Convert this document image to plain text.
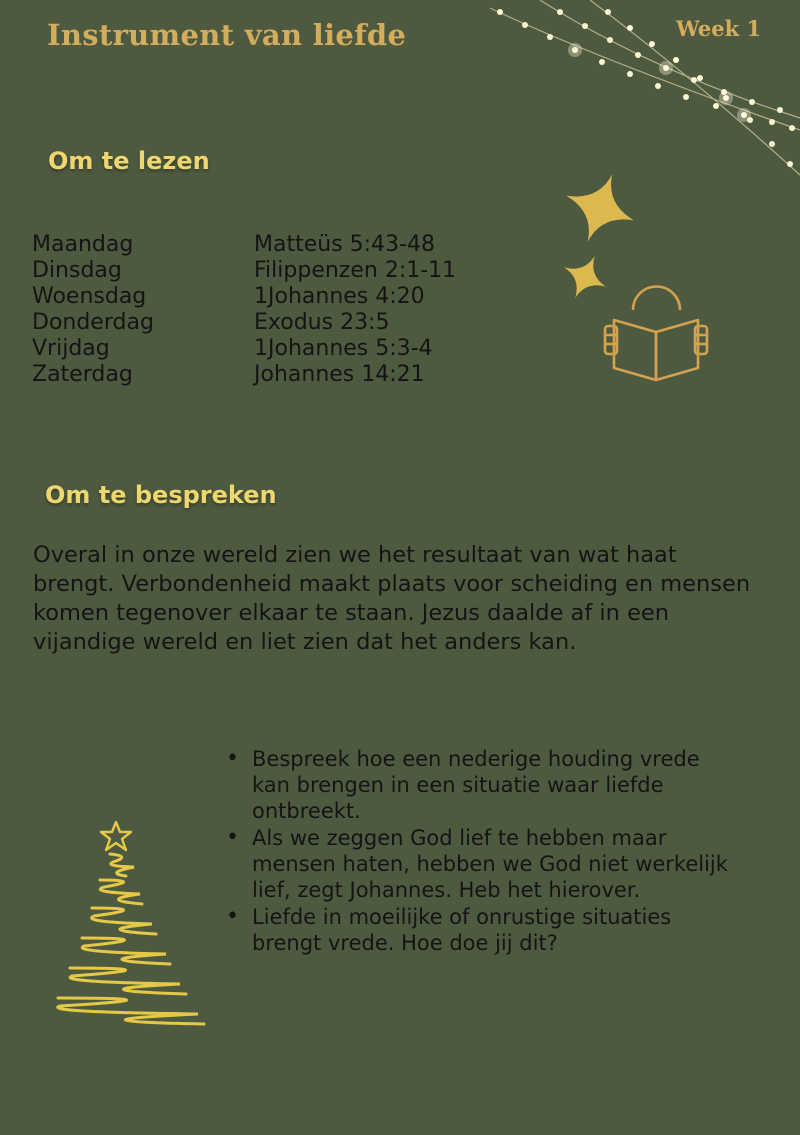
Instrument van liefde	Week 1
Om te lezen
Maandag	Matteüs 5:43-48
Dinsdag	Filippenzen 2:1-11
Woensdag	1Johannes 4:20
Donderdag	Exodus 23:5
Vrijdag	1Johannes 5:3-4
Zaterdag	Johannes 14:21
Om te bespreken
Overal in onze wereld zien we het resultaat van wat haat brengt. Verbondenheid maakt plaats voor scheiding en mensen komen tegenover elkaar te staan. Jezus daalde af in een vijandige wereld en liet zien dat het anders kan.
• Bespreek hoe een nederige houding vrede kan brengen in een situatie waar liefde ontbreekt.
• Als we zeggen God lief te hebben maar mensen haten, hebben we God niet werkelijk lief, zegt Johannes. Heb het hierover.
• Liefde in moeilijke of onrustige situaties brengt vrede. Hoe doe jij dit?
